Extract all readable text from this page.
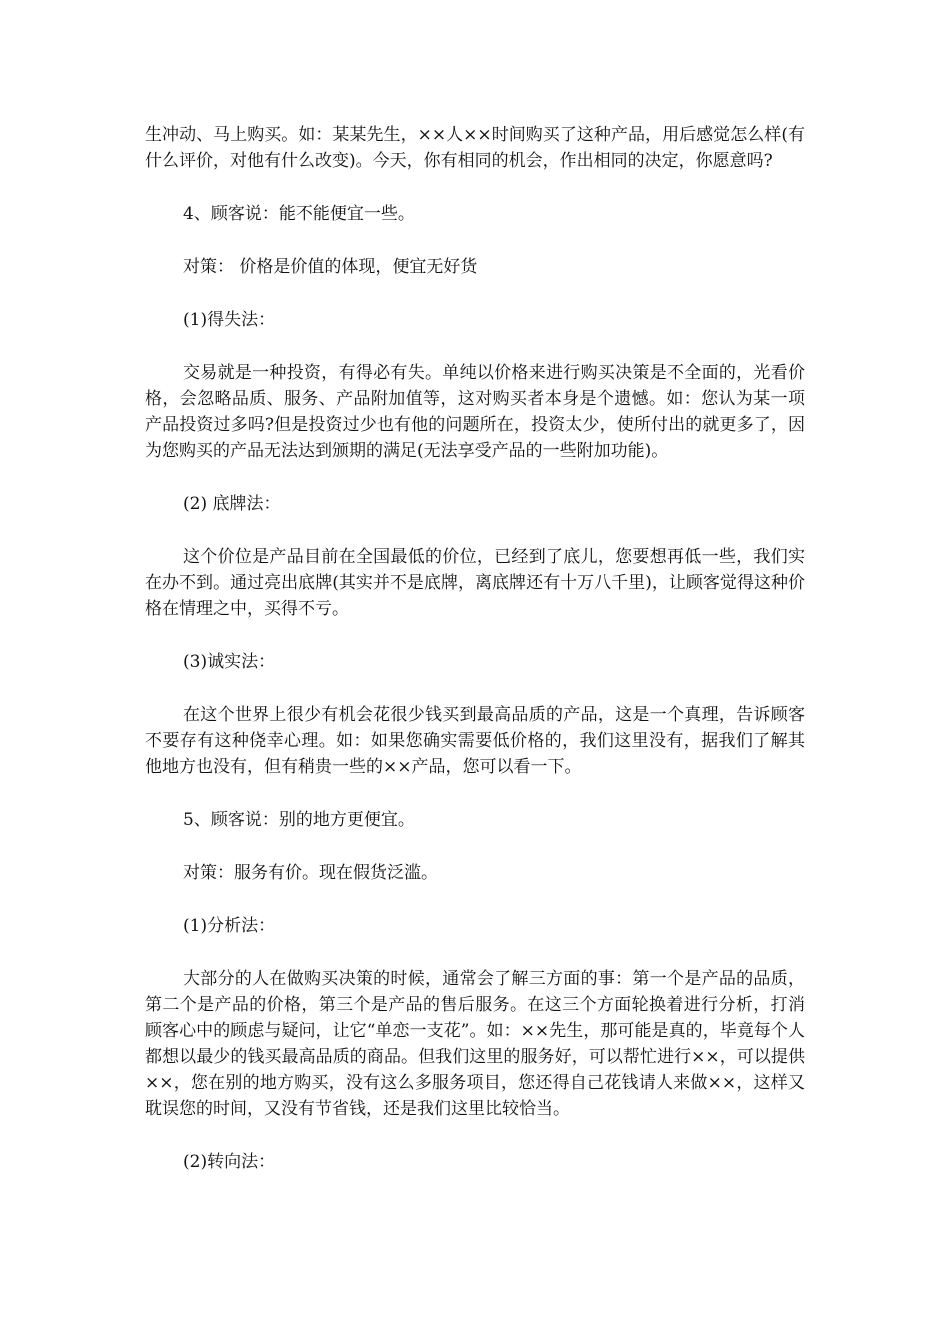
生冲动、马上购买。如：某某先生，××人××时间购买了这种产品，用后感觉怎么样(有什么评价，对他有什么改变)。今天，你有相同的机会，作出相同的决定，你愿意吗?

4、顾客说：能不能便宜一些。

对策： 价格是价值的体现，便宜无好货

(1)得失法：

交易就是一种投资，有得必有失。单纯以价格来进行购买决策是不全面的，光看价格，会忽略品质、服务、产品附加值等，这对购买者本身是个遗憾。如：您认为某一项产品投资过多吗?但是投资过少也有他的问题所在，投资太少，使所付出的就更多了，因为您购买的产品无法达到颁期的满足(无法享受产品的一些附加功能)。

(2) 底牌法：

这个价位是产品目前在全国最低的价位，已经到了底儿，您要想再低一些，我们实在办不到。通过亮出底牌(其实并不是底牌，离底牌还有十万八千里)，让顾客觉得这种价格在情理之中，买得不亏。

(3)诚实法：

在这个世界上很少有机会花很少钱买到最高品质的产品，这是一个真理，告诉顾客不要存有这种侥幸心理。如：如果您确实需要低价格的，我们这里没有，据我们了解其他地方也没有，但有稍贵一些的××产品，您可以看一下。

5、顾客说：别的地方更便宜。

对策：服务有价。现在假货泛滥。

(1)分析法：

大部分的人在做购买决策的时候，通常会了解三方面的事：第一个是产品的品质，第二个是产品的价格，第三个是产品的售后服务。在这三个方面轮换着进行分析，打消顾客心中的顾虑与疑问，让它“单恋一支花”。如：××先生，那可能是真的，毕竟每个人都想以最少的钱买最高品质的商品。但我们这里的服务好，可以帮忙进行××，可以提供××，您在别的地方购买，没有这么多服务项目，您还得自己花钱请人来做××，这样又耽误您的时间，又没有节省钱，还是我们这里比较恰当。

(2)转向法：
